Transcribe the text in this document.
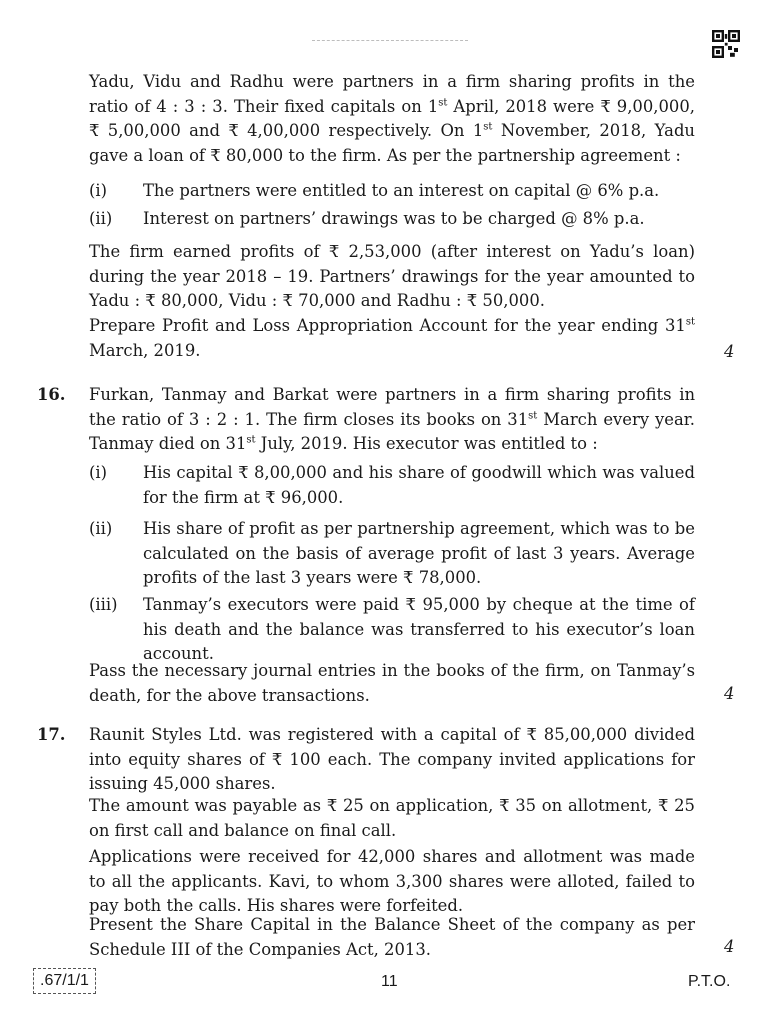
Yadu, Vidu and Radhu were partners in a firm sharing profits in the ratio of 4 : 3 : 3. Their fixed capitals on 1st April, 2018 were ₹ 9,00,000, ₹ 5,00,000 and ₹ 4,00,000 respectively. On 1st November, 2018, Yadu gave a loan of ₹ 80,000 to the firm. As per the partnership agreement :

(i) The partners were entitled to an interest on capital @ 6% p.a.

(ii) Interest on partners’ drawings was to be charged @ 8% p.a.

The firm earned profits of ₹ 2,53,000 (after interest on Yadu’s loan) during the year 2018 – 19. Partners’ drawings for the year amounted to Yadu : ₹ 80,000, Vidu : ₹ 70,000 and Radhu : ₹ 50,000.

Prepare Profit and Loss Appropriation Account for the year ending 31st March, 2019.	4
16. Furkan, Tanmay and Barkat were partners in a firm sharing profits in the ratio of 3 : 2 : 1. The firm closes its books on 31st March every year. Tanmay died on 31st July, 2019. His executor was entitled to :

(i) His capital ₹ 8,00,000 and his share of goodwill which was valued for the firm at ₹ 96,000.

(ii) His share of profit as per partnership agreement, which was to be calculated on the basis of average profit of last 3 years. Average profits of the last 3 years were ₹ 78,000.

(iii) Tanmay’s executors were paid ₹ 95,000 by cheque at the time of his death and the balance was transferred to his executor’s loan account.

Pass the necessary journal entries in the books of the firm, on Tanmay’s death, for the above transactions.	4
17. Raunit Styles Ltd. was registered with a capital of ₹ 85,00,000 divided into equity shares of ₹ 100 each. The company invited applications for issuing 45,000 shares.

The amount was payable as ₹ 25 on application, ₹ 35 on allotment, ₹ 25 on first call and balance on final call.

Applications were received for 42,000 shares and allotment was made to all the applicants. Kavi, to whom 3,300 shares were alloted, failed to pay both the calls. His shares were forfeited.

Present the Share Capital in the Balance Sheet of the company as per Schedule III of the Companies Act, 2013.	4
.67/1/1	11	P.T.O.
